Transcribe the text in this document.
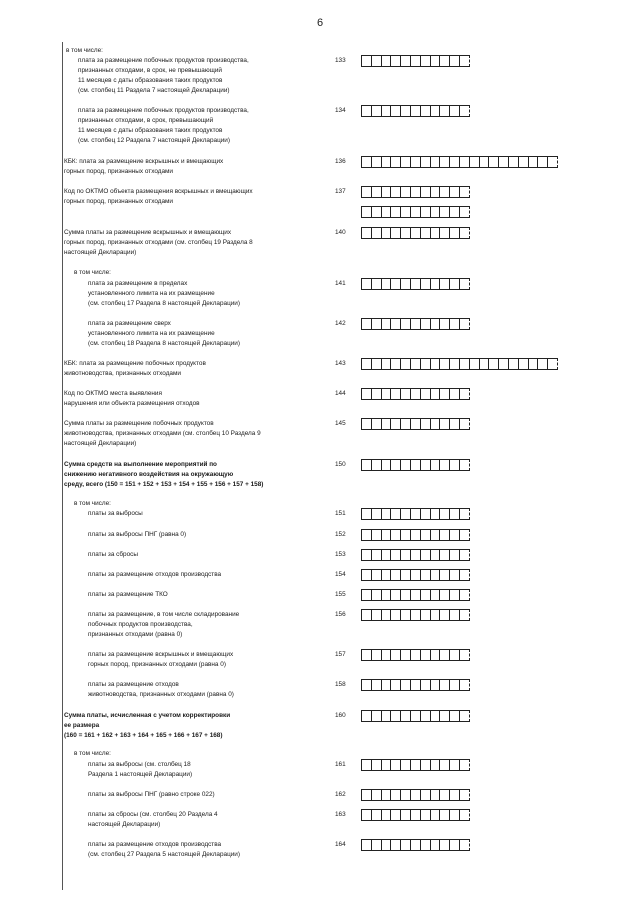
6
в том числе:
плата за размещение побочных продуктов производства,
признанных отходами, в срок, не превышающий
11 месяцев с даты образования таких продуктов
(см. столбец 11 Раздела 7 настоящей Декларации)
133
плата за размещение побочных продуктов производства,
признанных отходами, в срок, превышающий
11 месяцев с даты образования таких продуктов
(см. столбец 12 Раздела 7 настоящей Декларации)
134
КБК: плата за размещение вскрышных и вмещающих
горных пород, признанных отходами
136
Код по ОКТМО объекта размещения вскрышных и вмещающих
горных пород, признанных отходами
137
Сумма платы за размещение вскрышных и вмещающих
горных пород, признанных отходами (см. столбец 19 Раздела 8
настоящей Декларации)
140
в том числе:
плата за размещение в пределах
установленного лимита на их размещение
(см. столбец 17 Раздела 8 настоящей Декларации)
141
плата за размещение сверх
установленного лимита на их размещение
(см. столбец 18 Раздела 8 настоящей Декларации)
142
КБК: плата за размещение побочных продуктов
животноводства, признанных отходами
143
Код по ОКТМО места выявления
нарушения или объекта размещения отходов
144
Сумма платы за размещение побочных продуктов
животноводства, признанных отходами (см. столбец 10 Раздела 9
настоящей Декларации)
145
Сумма средств на выполнение мероприятий по
снижению негативного воздействия на окружающую
среду, всего (150 = 151 + 152 + 153 + 154 + 155 + 156 + 157 + 158)
150
в том числе:
платы за выбросы	151
платы за выбросы ПНГ (равна 0)	152
платы за сбросы	153
платы за размещение отходов производства	154
платы за размещение ТКО	155
платы за размещение, в том числе складирование
побочных продуктов производства,
признанных отходами (равна 0)
156
платы за размещение вскрышных и вмещающих
горных пород, признанных отходами (равна 0)
157
платы за размещение отходов
животноводства, признанных отходами (равна 0)
158
Сумма платы, исчисленная с учетом корректировки
ее размера
(160 = 161 + 162 + 163 + 164 + 165 + 166 + 167 + 168)
160
в том числе:
платы за выбросы (см. столбец 18
Раздела 1 настоящей Декларации)
161
платы за выбросы ПНГ (равно строке 022)	162
платы за сбросы (см. столбец 20 Раздела 4
настоящей Декларации)
163
платы за размещение отходов производства
(см. столбец 27 Раздела 5 настоящей Декларации)
164
